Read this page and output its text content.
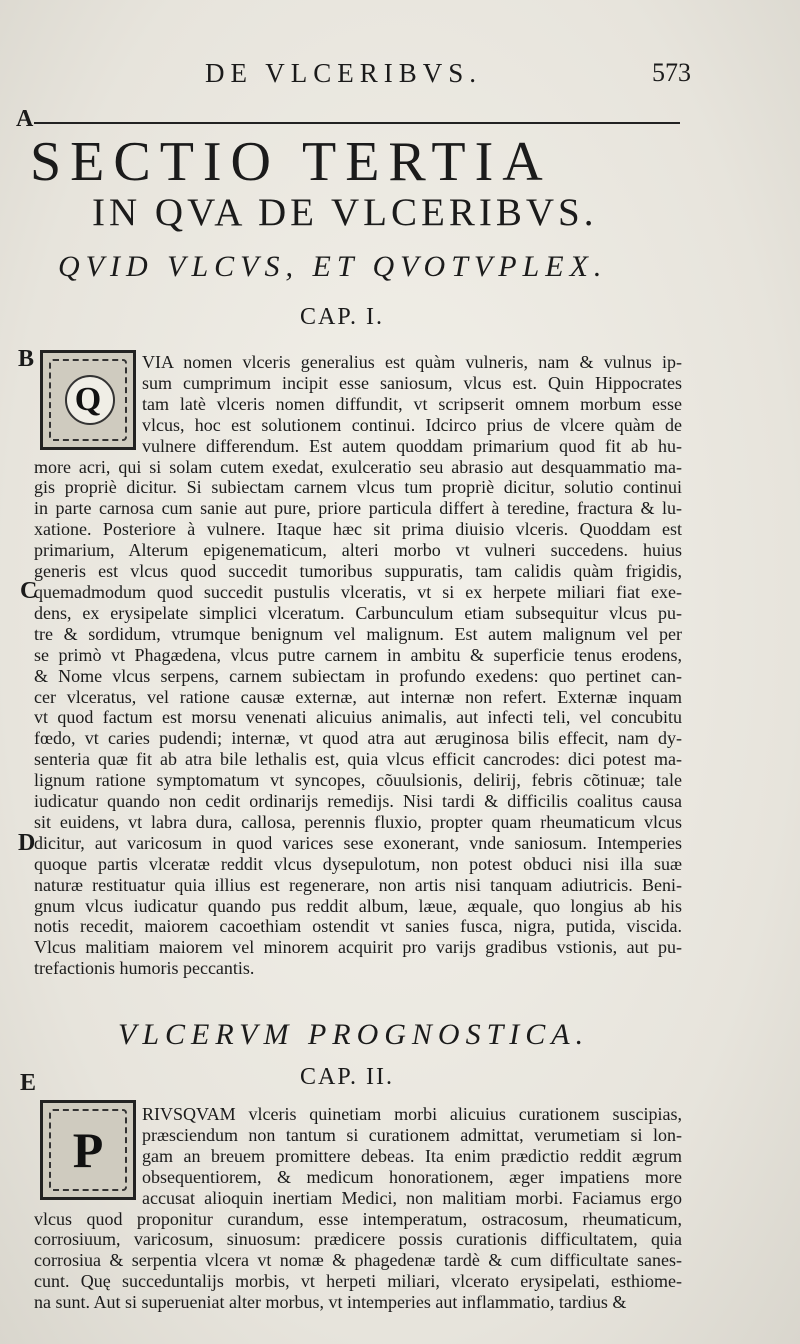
DE VLCERIBVS.	573
A
B
C
D
E
SECTIO TERTIA
IN QVA DE VLCERIBVS.
QVID VLCVS, ET QVOTVPLEX.
CAP. I.
Q
VIA nomen vlceris generalius est quàm vulneris, nam & vulnus ip-
sum cumprimum incipit esse saniosum, vlcus est. Quin Hippocrates
tam latè vlceris nomen diffundit, vt scripserit omnem morbum esse
vlcus, hoc est solutionem continui. Idcirco prius de vlcere quàm de
vulnere differendum. Est autem quoddam primarium quod fit ab hu-
more acri, qui si solam cutem exedat, exulceratio seu abrasio aut desquammatio ma-
gis propriè dicitur. Si subiectam carnem vlcus tum propriè dicitur, solutio continui
in parte carnosa cum sanie aut pure, priore particula differt à teredine, fractura & lu-
xatione. Posteriore à vulnere. Itaque hæc sit prima diuisio vlceris. Quoddam est
primarium, Alterum epigenematicum, alteri morbo vt vulneri succedens. huius
generis est vlcus quod succedit tumoribus suppuratis, tam calidis quàm frigidis,
quemadmodum quod succedit pustulis vlceratis, vt si ex herpete miliari fiat exe-
dens, ex erysipelate simplici vlceratum. Carbunculum etiam subsequitur vlcus pu-
tre & sordidum, vtrumque benignum vel malignum. Est autem malignum vel per
se primò vt Phagædena, vlcus putre carnem in ambitu & superficie tenus erodens,
& Nome vlcus serpens, carnem subiectam in profundo exedens: quo pertinet can-
cer vlceratus, vel ratione causæ externæ, aut internæ non refert. Externæ inquam
vt quod factum est morsu venenati alicuius animalis, aut infecti teli, vel concubitu
fœdo, vt caries pudendi; internæ, vt quod atra aut æruginosa bilis effecit, nam dy-
senteria quæ fit ab atra bile lethalis est, quia vlcus efficit cancrodes: dici potest ma-
lignum ratione symptomatum vt syncopes, cõuulsionis, delirij, febris cõtinuæ; tale
iudicatur quando non cedit ordinarijs remedijs. Nisi tardi & difficilis coalitus causa
sit euidens, vt labra dura, callosa, perennis fluxio, propter quam rheumaticum vlcus
dicitur, aut varicosum in quod varices sese exonerant, vnde saniosum. Intemperies
quoque partis vlceratæ reddit vlcus dysepulotum, non potest obduci nisi illa suæ
naturæ restituatur quia illius est regenerare, non artis nisi tanquam adiutricis. Beni-
gnum vlcus iudicatur quando pus reddit album, læue, æquale, quo longius ab his
notis recedit, maiorem cacoethiam ostendit vt sanies fusca, nigra, putida, viscida.
Vlcus malitiam maiorem vel minorem acquirit pro varijs gradibus vstionis, aut pu-
trefactionis humoris peccantis.
VLCERVM PROGNOSTICA.
CAP. II.
P
RIVSQVAM vlceris quinetiam morbi alicuius curationem suscipias,
præsciendum non tantum si curationem admittat, verumetiam si lon-
gam an breuem promittere debeas. Ita enim prædictio reddit ægrum
obsequentiorem, & medicum honorationem, æger impatiens more
accusat alioquin inertiam Medici, non malitiam morbi. Faciamus ergo
vlcus quod proponitur curandum, esse intemperatum, ostracosum, rheumaticum,
corrosiuum, varicosum, sinuosum: prædicere possis curationis difficultatem, quia
corrosiua & serpentia vlcera vt nomæ & phagedenæ tardè & cum difficultate sanes-
cunt. Quę succeduntalijs morbis, vt herpeti miliari, vlcerato erysipelati, esthiome-
na sunt. Aut si superueniat alter morbus, vt intemperies aut inflammatio, tardius &
